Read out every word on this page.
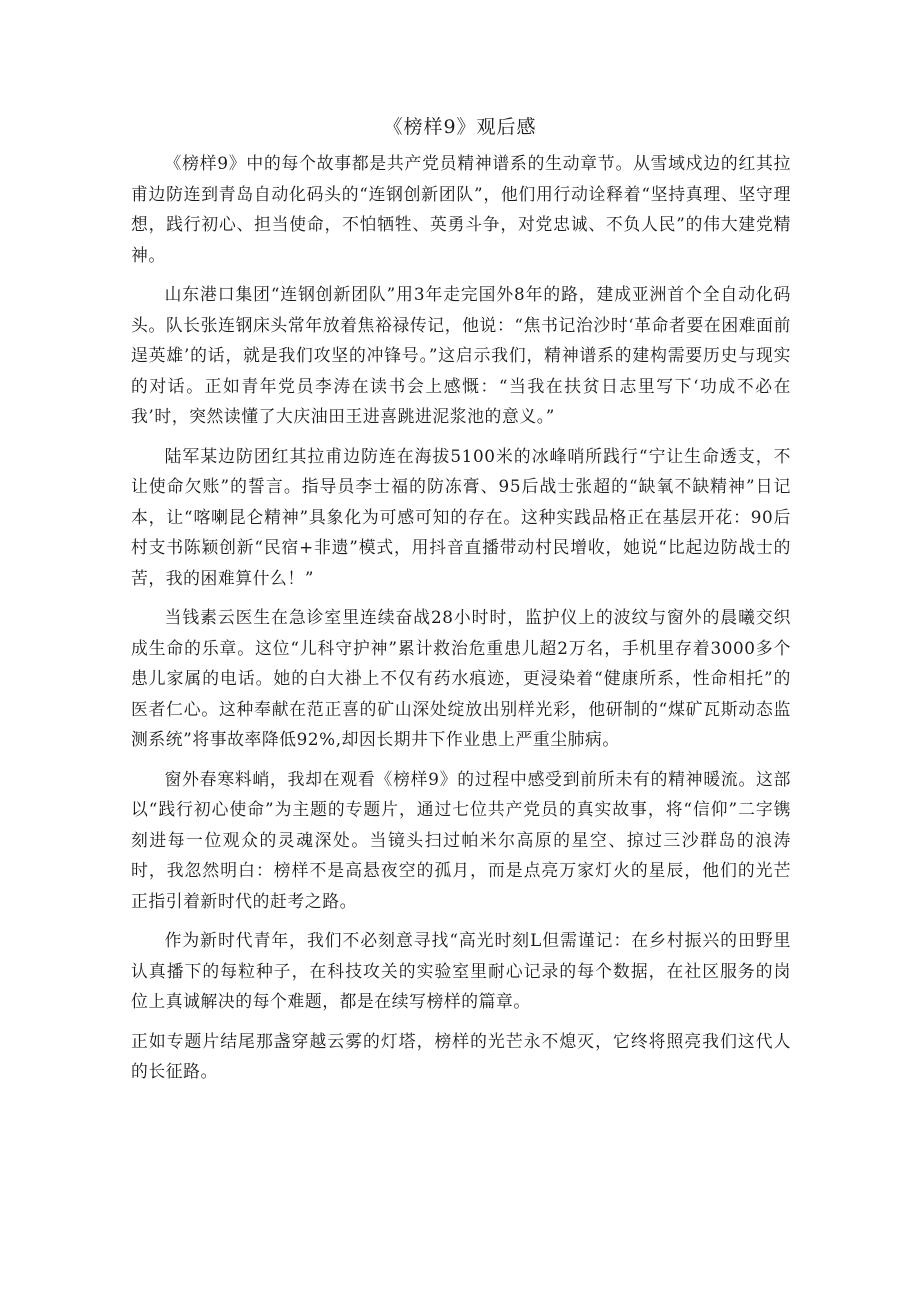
《榜样9》观后感

《榜样9》中的每个故事都是共产党员精神谱系的生动章节。从雪域戍边的红其拉甫边防连到青岛自动化码头的“连钢创新团队”，他们用行动诠释着“坚持真理、坚守理想，践行初心、担当使命，不怕牺牲、英勇斗争，对党忠诚、不负人民”的伟大建党精神。

山东港口集团“连钢创新团队”用3年走完国外8年的路，建成亚洲首个全自动化码头。队长张连钢床头常年放着焦裕禄传记，他说：“焦书记治沙时‘革命者要在困难面前逞英雄’的话，就是我们攻坚的冲锋号。”这启示我们，精神谱系的建构需要历史与现实的对话。正如青年党员李涛在读书会上感慨：“当我在扶贫日志里写下‘功成不必在我’时，突然读懂了大庆油田王进喜跳进泥浆池的意义。”

陆军某边防团红其拉甫边防连在海拔5100米的冰峰哨所践行“宁让生命透支，不让使命欠账”的誓言。指导员李士福的防冻膏、95后战士张超的“缺氧不缺精神”日记本，让“喀喇昆仑精神”具象化为可感可知的存在。这种实践品格正在基层开花：90后村支书陈颖创新“民宿+非遗”模式，用抖音直播带动村民增收，她说“比起边防战士的苦，我的困难算什么！”

当钱素云医生在急诊室里连续奋战28小时时，监护仪上的波纹与窗外的晨曦交织成生命的乐章。这位“儿科守护神”累计救治危重患儿超2万名，手机里存着3000多个患儿家属的电话。她的白大褂上不仅有药水痕迹，更浸染着“健康所系，性命相托”的医者仁心。这种奉献在范正喜的矿山深处绽放出别样光彩，他研制的“煤矿瓦斯动态监测系统”将事故率降低92%,却因长期井下作业患上严重尘肺病。

窗外春寒料峭，我却在观看《榜样9》的过程中感受到前所未有的精神暖流。这部以“践行初心使命”为主题的专题片，通过七位共产党员的真实故事，将“信仰”二字镌刻进每一位观众的灵魂深处。当镜头扫过帕米尔高原的星空、掠过三沙群岛的浪涛时，我忽然明白：榜样不是高悬夜空的孤月，而是点亮万家灯火的星辰，他们的光芒正指引着新时代的赶考之路。

作为新时代青年，我们不必刻意寻找“高光时刻L但需谨记：在乡村振兴的田野里认真播下的每粒种子，在科技攻关的实验室里耐心记录的每个数据，在社区服务的岗位上真诚解决的每个难题，都是在续写榜样的篇章。

正如专题片结尾那盏穿越云雾的灯塔，榜样的光芒永不熄灭，它终将照亮我们这代人的长征路。
